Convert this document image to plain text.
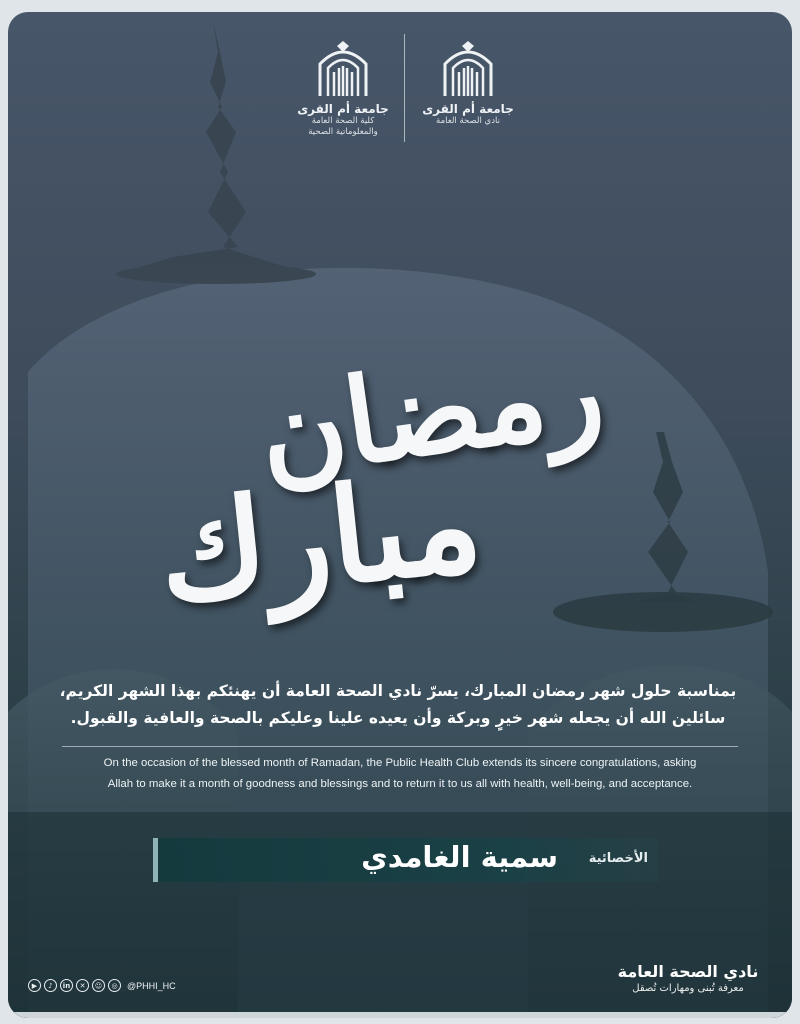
جامعة أم القرى
كلية الصحة العامة
والمعلوماتية الصحية
جامعة أم القرى
نادي الصحة العامة
رمضان
مبارك
بمناسبة حلول شهر رمضان المبارك، يسرّ نادي الصحة العامة أن يهنئكم بهذا الشهر الكريم،
سائلين الله أن يجعله شهر خيرٍ وبركة وأن يعيده علينا وعليكم بالصحة والعافية والقبول.
On the occasion of the blessed month of Ramadan, the Public Health Club extends its sincere congratulations, asking
Allah to make it a month of goodness and blessings and to return it to us all with health, well-being, and acceptance.
الأخصائية
سمية الغامدي
▶	♪	in	✕	☺	◎	@PHHI_HC
نادي الصحة العامة
معرفة تُبنى ومهارات تُصقل
